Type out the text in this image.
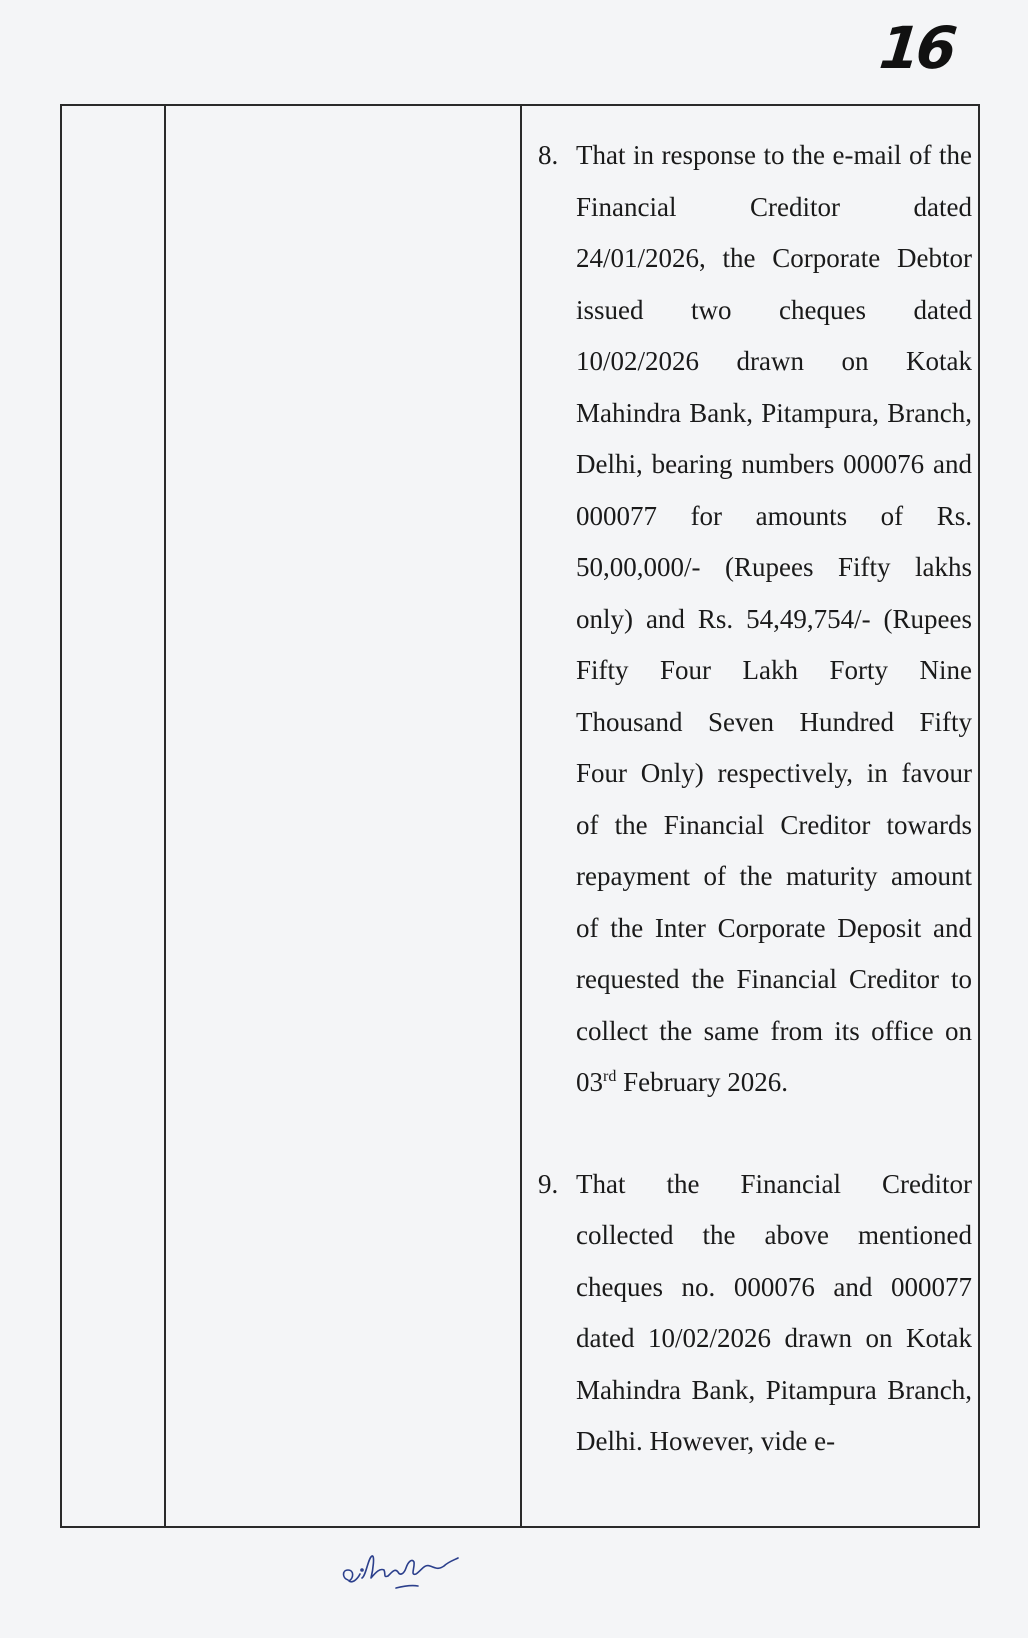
16
8. That in response to the e-mail of the Financial Creditor dated 24/01/2026, the Corporate Debtor issued two cheques dated 10/02/2026 drawn on Kotak Mahindra Bank, Pitampura, Branch, Delhi, bearing numbers 000076 and 000077 for amounts of Rs. 50,00,000/- (Rupees Fifty lakhs only) and Rs. 54,49,754/- (Rupees Fifty Four Lakh Forty Nine Thousand Seven Hundred Fifty Four Only) respectively, in favour of the Financial Creditor towards repayment of the maturity amount of the Inter Corporate Deposit and requested the Financial Creditor to collect the same from its office on 03rd February 2026.
9. That the Financial Creditor collected the above mentioned cheques no. 000076 and 000077 dated 10/02/2026 drawn on Kotak Mahindra Bank, Pitampura Branch, Delhi. However, vide e-
